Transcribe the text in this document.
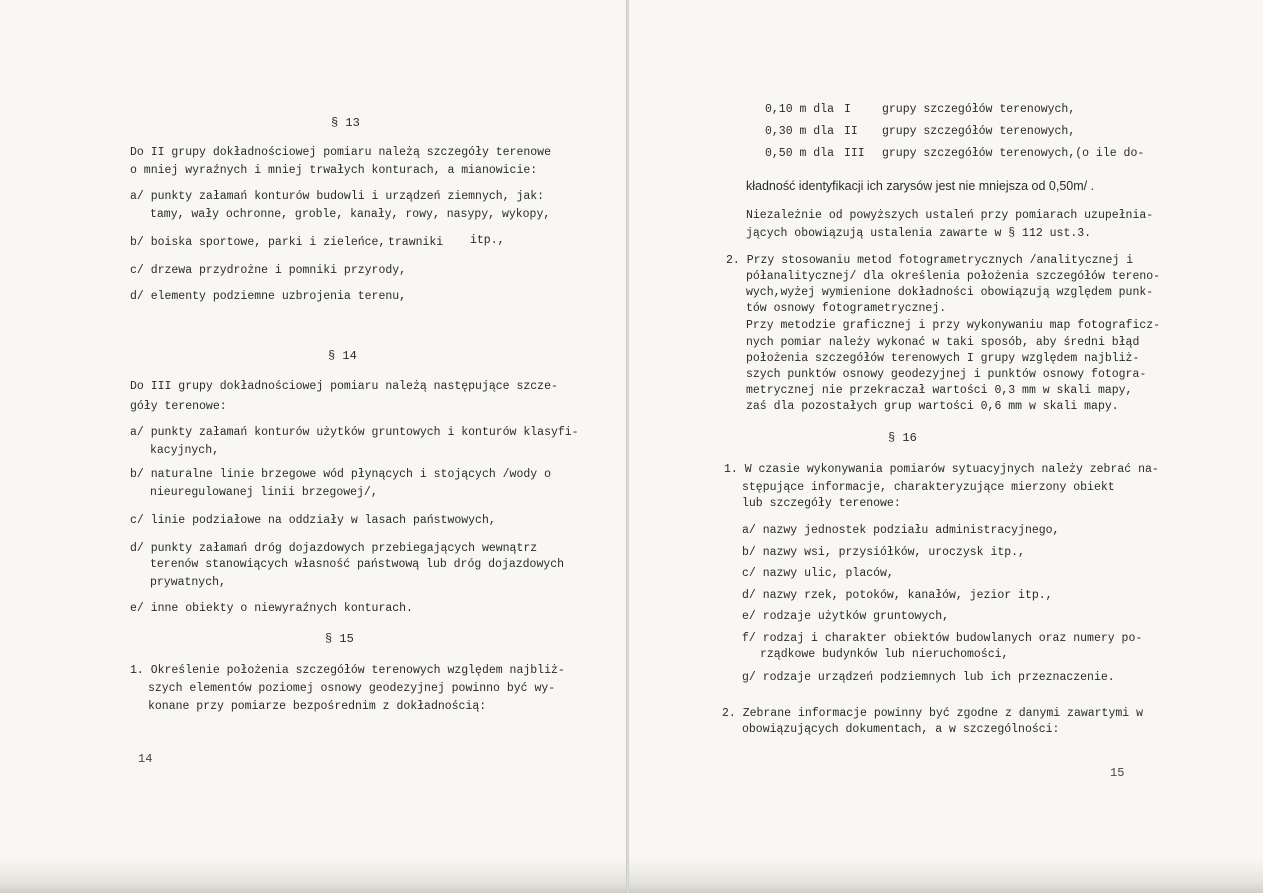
§ 13
Do II grupy dokładnościowej pomiaru należą szczegóły terenowe
o mniej wyraźnych i mniej trwałych konturach, a mianowicie:
a/ punkty załamań konturów budowli i urządzeń ziemnych, jak:
tamy, wały ochronne, groble, kanały, rowy, nasypy, wykopy,
b/ boiska sportowe, parki i zieleńce, trawniki itp.,
c/ drzewa przydrożne i pomniki przyrody,
d/ elementy podziemne uzbrojenia terenu,
§ 14
Do III grupy dokładnościowej pomiaru należą następujące szcze-
góły terenowe:
a/ punkty załamań konturów użytków gruntowych i konturów klasyfi-
kacyjnych,
b/ naturalne linie brzegowe wód płynących i stojących /wody o
nieuregulowanej linii brzegowej/,
c/ linie podziałowe na oddziały w lasach państwowych,
d/ punkty załamań dróg dojazdowych przebiegających wewnątrz
terenów stanowiących własność państwową lub dróg dojazdowych
prywatnych,
e/ inne obiekty o niewyraźnych konturach.
§ 15
1. Określenie położenia szczegółów terenowych względem najbliż-
szych elementów poziomej osnowy geodezyjnej powinno być wy-
konane przy pomiarze bezpośrednim z dokładnością:
14
0,10 m dla I	grupy szczegółów terenowych,
0,30 m dla II grupy szczegółów terenowych,
0,50 m dla III grupy szczegółów terenowych,(o ile do-
kładność identyfikacji ich zarysów jest nie mniejsza od 0,50m/ .
Niezależnie od powyższych ustaleń przy pomiarach uzupełnia-
jących obowiązują ustalenia zawarte w § 112 ust.3.
2. Przy stosowaniu metod fotogrametrycznych /analitycznej i
półanalitycznej/ dla określenia położenia szczegółów tereno-
wych,wyżej wymienione dokładności obowiązują względem punk-
tów osnowy fotogrametrycznej.
Przy metodzie graficznej i przy wykonywaniu map fotograficz-
nych pomiar należy wykonać w taki sposób, aby średni błąd
położenia szczegółów terenowych I grupy względem najbliż-
szych punktów osnowy geodezyjnej i punktów osnowy fotogra-
metrycznej nie przekraczał wartości 0,3 mm w skali mapy,
zaś dla pozostałych grup wartości 0,6 mm w skali mapy.
§ 16
1. W czasie wykonywania pomiarów sytuacyjnych należy zebrać na-
stępujące informacje, charakteryzujące mierzony obiekt
lub szczegóły terenowe:
a/ nazwy jednostek podziału administracyjnego,
b/ nazwy wsi, przysiółków, uroczysk itp.,
c/ nazwy ulic, placów,
d/ nazwy rzek, potoków, kanałów, jezior itp.,
e/ rodzaje użytków gruntowych,
f/ rodzaj i charakter obiektów budowlanych oraz numery po-
rządkowe budynków lub nieruchomości,
g/ rodzaje urządzeń podziemnych lub ich przeznaczenie.
2. Zebrane informacje powinny być zgodne z danymi zawartymi w
obowiązujących dokumentach, a w szczególności:
15
